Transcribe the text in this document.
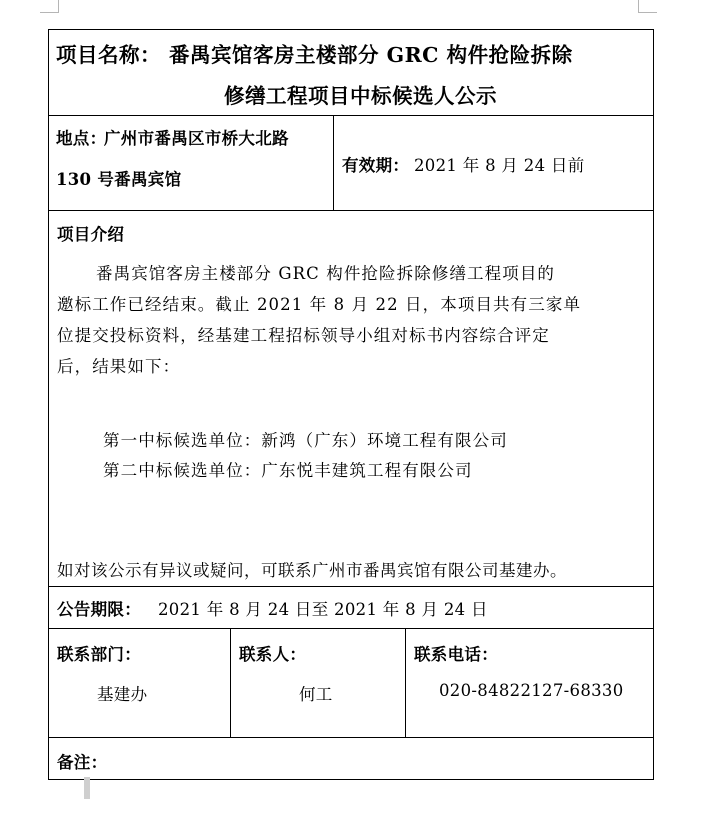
项目名称： 番禺宾馆客房主楼部分 GRC 构件抢险拆除
修缮工程项目中标候选人公示
地点：
广州市番禺区市桥大北路
130 号番禺宾馆
有效期： 2021 年 8 月 24 日前
项目介绍
番禺宾馆客房主楼部分 GRC 构件抢险拆除修缮工程项目的
邀标工作已经结束。截止 2021 年 8 月 22 日，本项目共有三家单
位提交投标资料，经基建工程招标领导小组对标书内容综合评定
后，结果如下：
第一中标候选单位：新鸿（广东）环境工程有限公司
第二中标候选单位：广东悦丰建筑工程有限公司
如对该公示有异议或疑问，可联系广州市番禺宾馆有限公司基建办。
公告期限： 2021 年 8 月 24 日至 2021 年 8 月 24 日
联系部门：
基建办
联系人：
何工
联系电话：
020-84822127-68330
备注：
